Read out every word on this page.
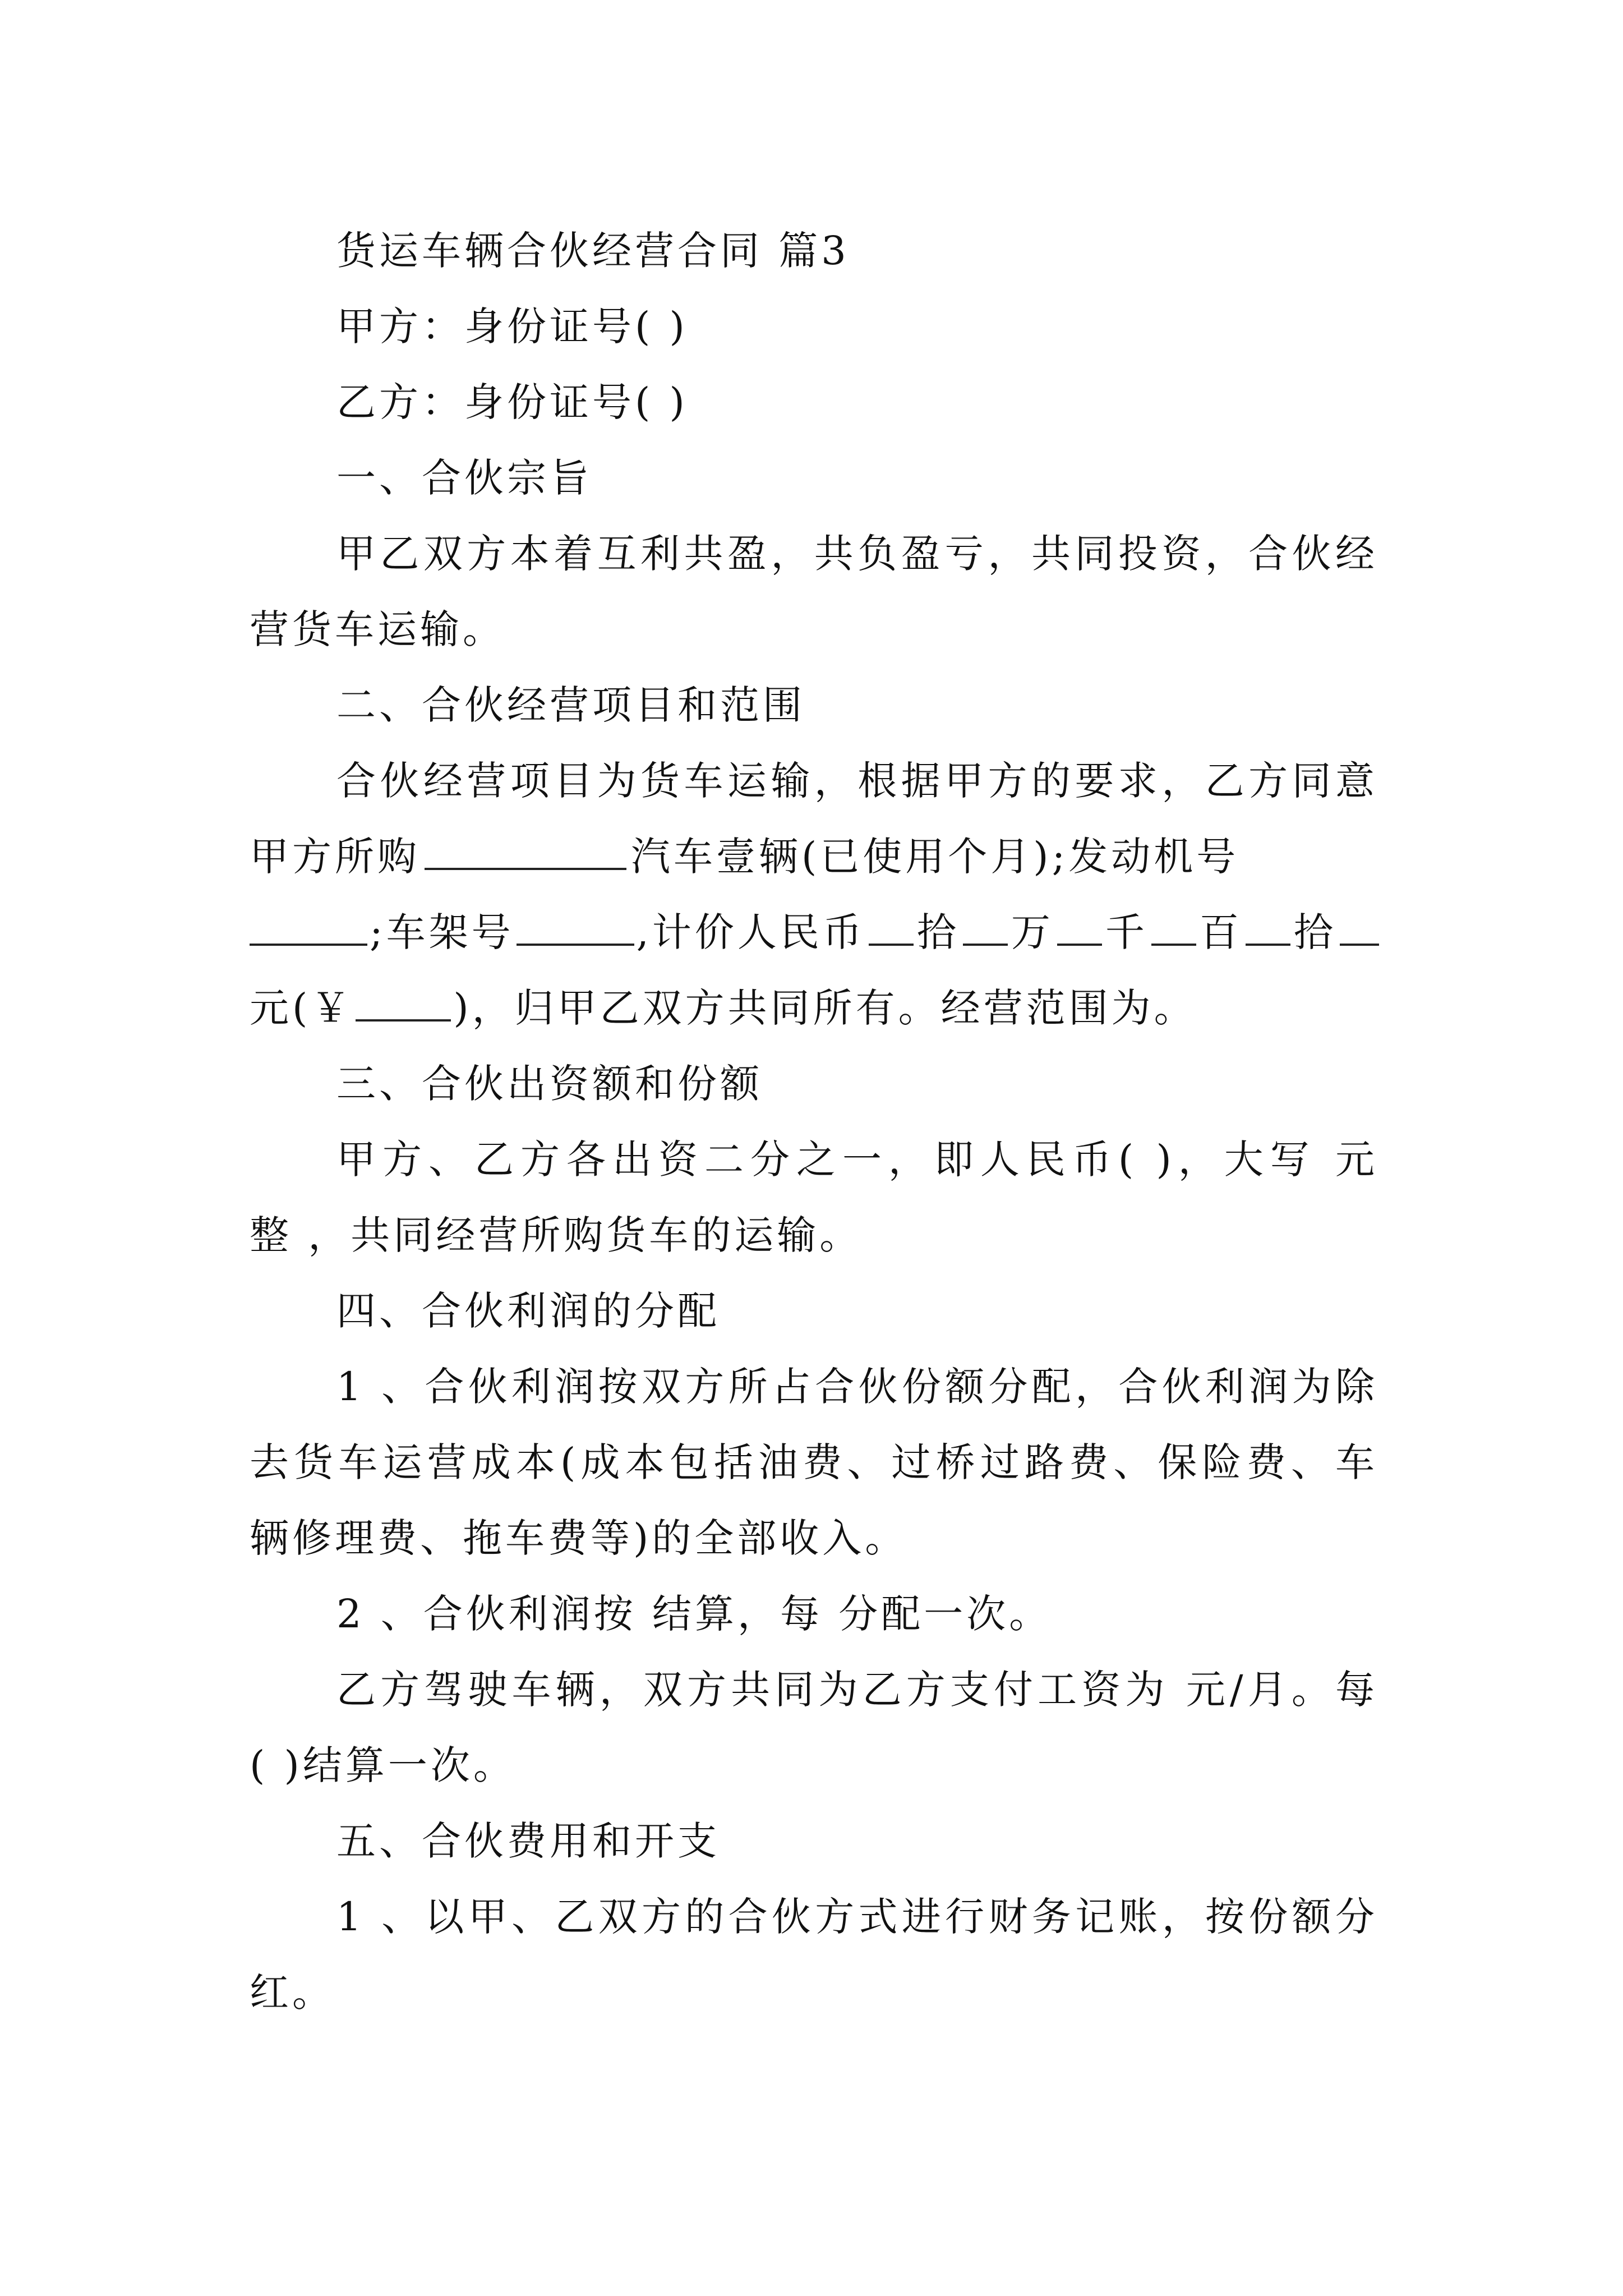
货运车辆合伙经营合同 篇3

甲方：身份证号( )

乙方：身份证号( )

一、合伙宗旨

甲乙双方本着互利共盈，共负盈亏，共同投资，合伙经

营货车运输。

二、合伙经营项目和范围

合伙经营项目为货车运输，根据甲方的要求，乙方同意

甲方所购	汽车壹辆(已使用个月);发动机号
;车架号	,计价人民币 拾 万 千 百 拾
元(￥	)，归甲乙双方共同所有。经营范围为。

三、合伙出资额和份额

甲方、乙方各出资二分之一，即人民币( )，大写 元

整 ，共同经营所购货车的运输。

四、合伙利润的分配

1 、合伙利润按双方所占合伙份额分配，合伙利润为除

去货车运营成本(成本包括油费、过桥过路费、保险费、车

辆修理费、拖车费等)的全部收入。

2 、合伙利润按 结算，每 分配一次。

乙方驾驶车辆，双方共同为乙方支付工资为 元/月。每

( )结算一次。

五、合伙费用和开支

1 、以甲、乙双方的合伙方式进行财务记账，按份额分

红。
